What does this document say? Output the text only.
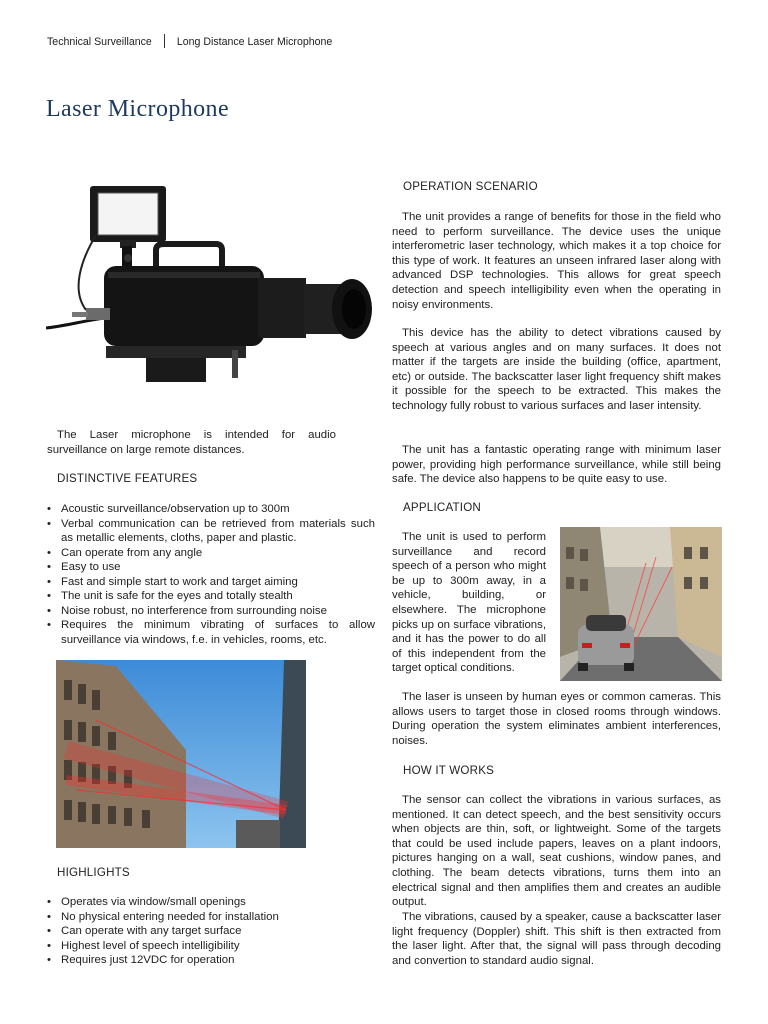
Technical Surveillance Long Distance Laser Microphone
Laser Microphone

The Laser microphone is intended for audio surveillance on large remote distances.

DISTINCTIVE FEATURES
• Acoustic surveillance/observation up to 300m
• Verbal communication can be retrieved from materials such as metallic elements, cloths, paper and plastic.
• Can operate from any angle
• Easy to use
• Fast and simple start to work and target aiming
• The unit is safe for the eyes and totally stealth
• Noise robust, no interference from surrounding noise
• Requires the minimum vibrating of surfaces to allow surveillance via windows, f.e. in vehicles, rooms, etc.
HIGHLIGHTS
• Operates via window/small openings
• No physical entering needed for installation
• Can operate with any target surface
• Highest level of speech intelligibility
• Requires just 12VDC for operation
OPERATION SCENARIO

The unit provides a range of benefits for those in the field who need to perform surveillance. The device uses the unique interferometric laser technology, which makes it a top choice for this type of work. It features an unseen infrared laser along with advanced DSP technologies. This allows for great speech detection and speech intelligibility even when the operating in noisy environments.

This device has the ability to detect vibrations caused by speech at various angles and on many surfaces. It does not matter if the targets are inside the building (office, apartment, etc) or outside. The backscatter laser light frequency shift makes it possible for the speech to be extracted. This makes the technology fully robust to various surfaces and laser intensity.

The unit has a fantastic operating range with minimum laser power, providing high performance surveillance, while still being safe. The device also happens to be quite easy to use.

APPLICATION

The unit is used to perform surveillance and record speech of a person who might be up to 300m away, in a vehicle, building, or elsewhere. The microphone picks up on surface vibrations, and it has the power to do all of this independent from the target optical conditions.

The laser is unseen by human eyes or common cameras. This allows users to target those in closed rooms through windows. During operation the system eliminates ambient interferences, noises.

HOW IT WORKS

The sensor can collect the vibrations in various surfaces, as mentioned. It can detect speech, and the best sensitivity occurs when objects are thin, soft, or lightweight. Some of the targets that could be used include papers, leaves on a plant indoors, pictures hanging on a wall, seat cushions, window panes, and clothing. The beam detects vibrations, turns them into an electrical signal and then amplifies them and creates an audible output.

The vibrations, caused by a speaker, cause a backscatter laser light frequency (Doppler) shift. This shift is then extracted from the laser light. After that, the signal will pass through decoding and convertion to standard audio signal.
